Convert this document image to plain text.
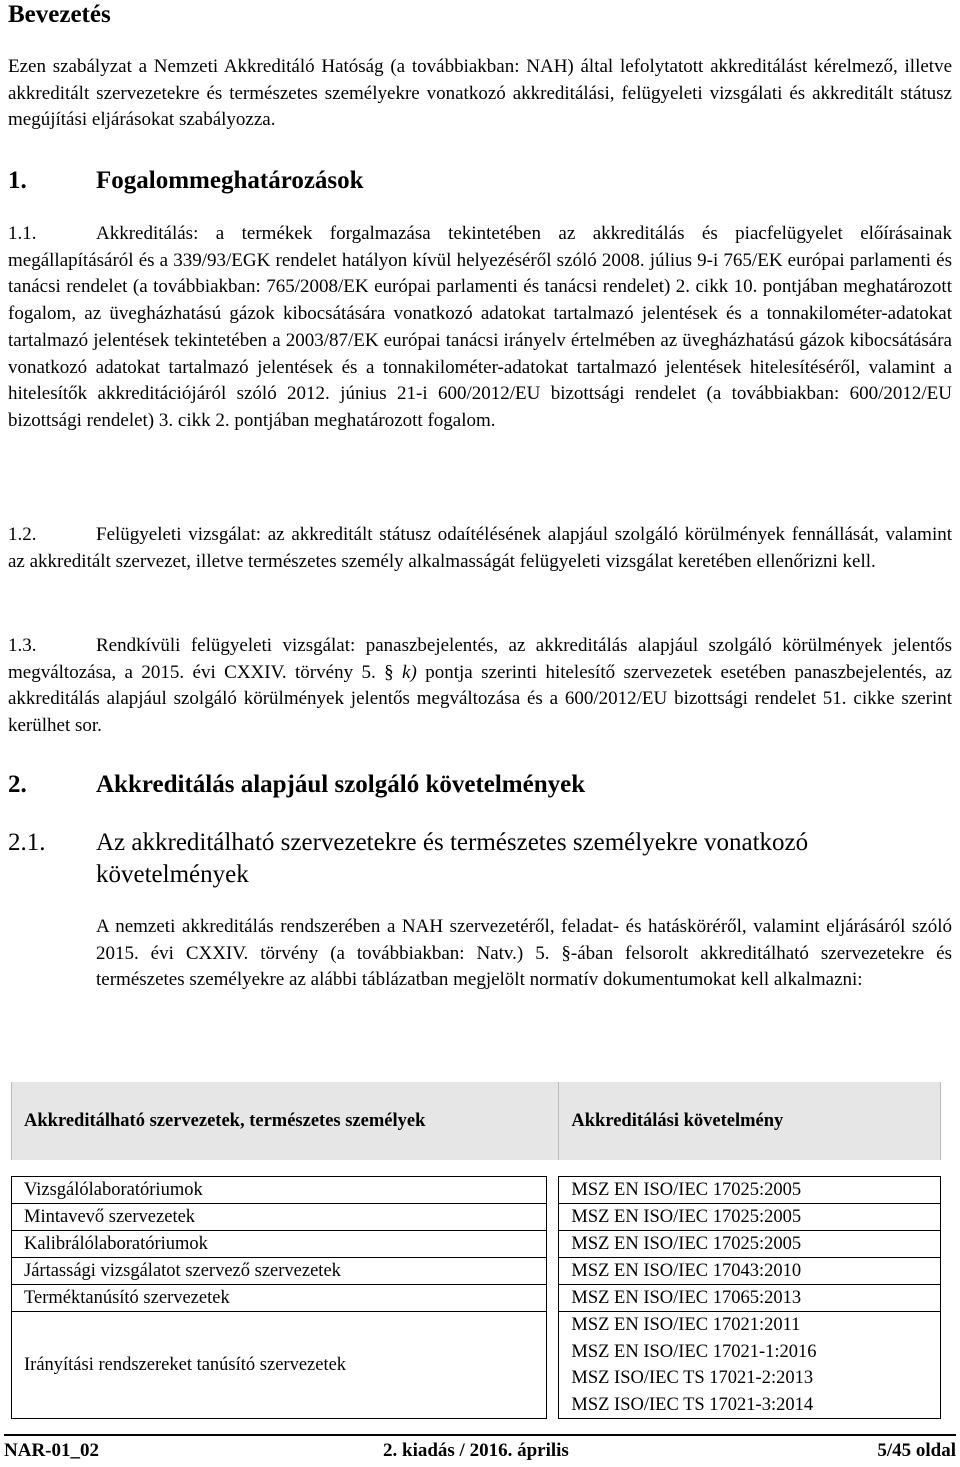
Bevezetés

Ezen szabályzat a Nemzeti Akkreditáló Hatóság (a továbbiakban: NAH) által lefolytatott akkreditálást kérelmező, illetve akkreditált szervezetekre és természetes személyekre vonatkozó akkreditálási, felügyeleti vizsgálati és akkreditált státusz megújítási eljárásokat szabályozza.

1.	Fogalommeghatározások

1.1.	Akkreditálás: a termékek forgalmazása tekintetében az akkreditálás és piacfelügyelet előírásainak megállapításáról és a 339/93/EGK rendelet hatályon kívül helyezéséről szóló 2008. július 9-i 765/EK európai parlamenti és tanácsi rendelet (a továbbiakban: 765/2008/EK európai parlamenti és tanácsi rendelet) 2. cikk 10. pontjában meghatározott fogalom, az üvegházhatású gázok kibocsátására vonatkozó adatokat tartalmazó jelentések és a tonnakilométer-adatokat tartalmazó jelentések tekintetében a 2003/87/EK európai tanácsi irányelv értelmében az üvegházhatású gázok kibocsátására vonatkozó adatokat tartalmazó jelentések és a tonnakilométer-adatokat tartalmazó jelentések hitelesítéséről, valamint a hitelesítők akkreditációjáról szóló 2012. június 21-i 600/2012/EU bizottsági rendelet (a továbbiakban: 600/2012/EU bizottsági rendelet) 3. cikk 2. pontjában meghatározott fogalom.

1.2.	Felügyeleti vizsgálat: az akkreditált státusz odaítélésének alapjául szolgáló körülmények fennállását, valamint az akkreditált szervezet, illetve természetes személy alkalmasságát felügyeleti vizsgálat keretében ellenőrizni kell.

1.3.	Rendkívüli felügyeleti vizsgálat: panaszbejelentés, az akkreditálás alapjául szolgáló körülmények jelentős megváltozása, a 2015. évi CXXIV. törvény 5. § k) pontja szerinti hitelesítő szervezetek esetében panaszbejelentés, az akkreditálás alapjául szolgáló körülmények jelentős megváltozása és a 600/2012/EU bizottsági rendelet 51. cikke szerint kerülhet sor.

2.	Akkreditálás alapjául szolgáló követelmények
2.1.	Az akkreditálható szervezetekre és természetes személyekre vonatkozó követelmények

A nemzeti akkreditálás rendszerében a NAH szervezetéről, feladat- és hatásköréről, valamint eljárásáról szóló 2015. évi CXXIV. törvény (a továbbiakban: Natv.) 5. §-ában felsorolt akkreditálható szervezetekre és természetes személyekre az alábbi táblázatban megjelölt normatív dokumentumokat kell alkalmazni:

Akkreditálható szervezetek, természetes személyek		Akkreditálási követelmény

Vizsgálólaboratóriumok		MSZ EN ISO/IEC 17025:2005
Mintavevő szervezetek		MSZ EN ISO/IEC 17025:2005
Kalibrálólaboratóriumok		MSZ EN ISO/IEC 17025:2005
Jártassági vizsgálatot szervező szervezetek		MSZ EN ISO/IEC 17043:2010
Terméktanúsító szervezetek		MSZ EN ISO/IEC 17065:2013
Irányítási rendszereket tanúsító szervezetek		MSZ EN ISO/IEC 17021:2011
MSZ EN ISO/IEC 17021-1:2016
MSZ ISO/IEC TS 17021-2:2013
MSZ ISO/IEC TS 17021-3:2014
NAR-01_02	2. kiadás / 2016. április	5/45 oldal
